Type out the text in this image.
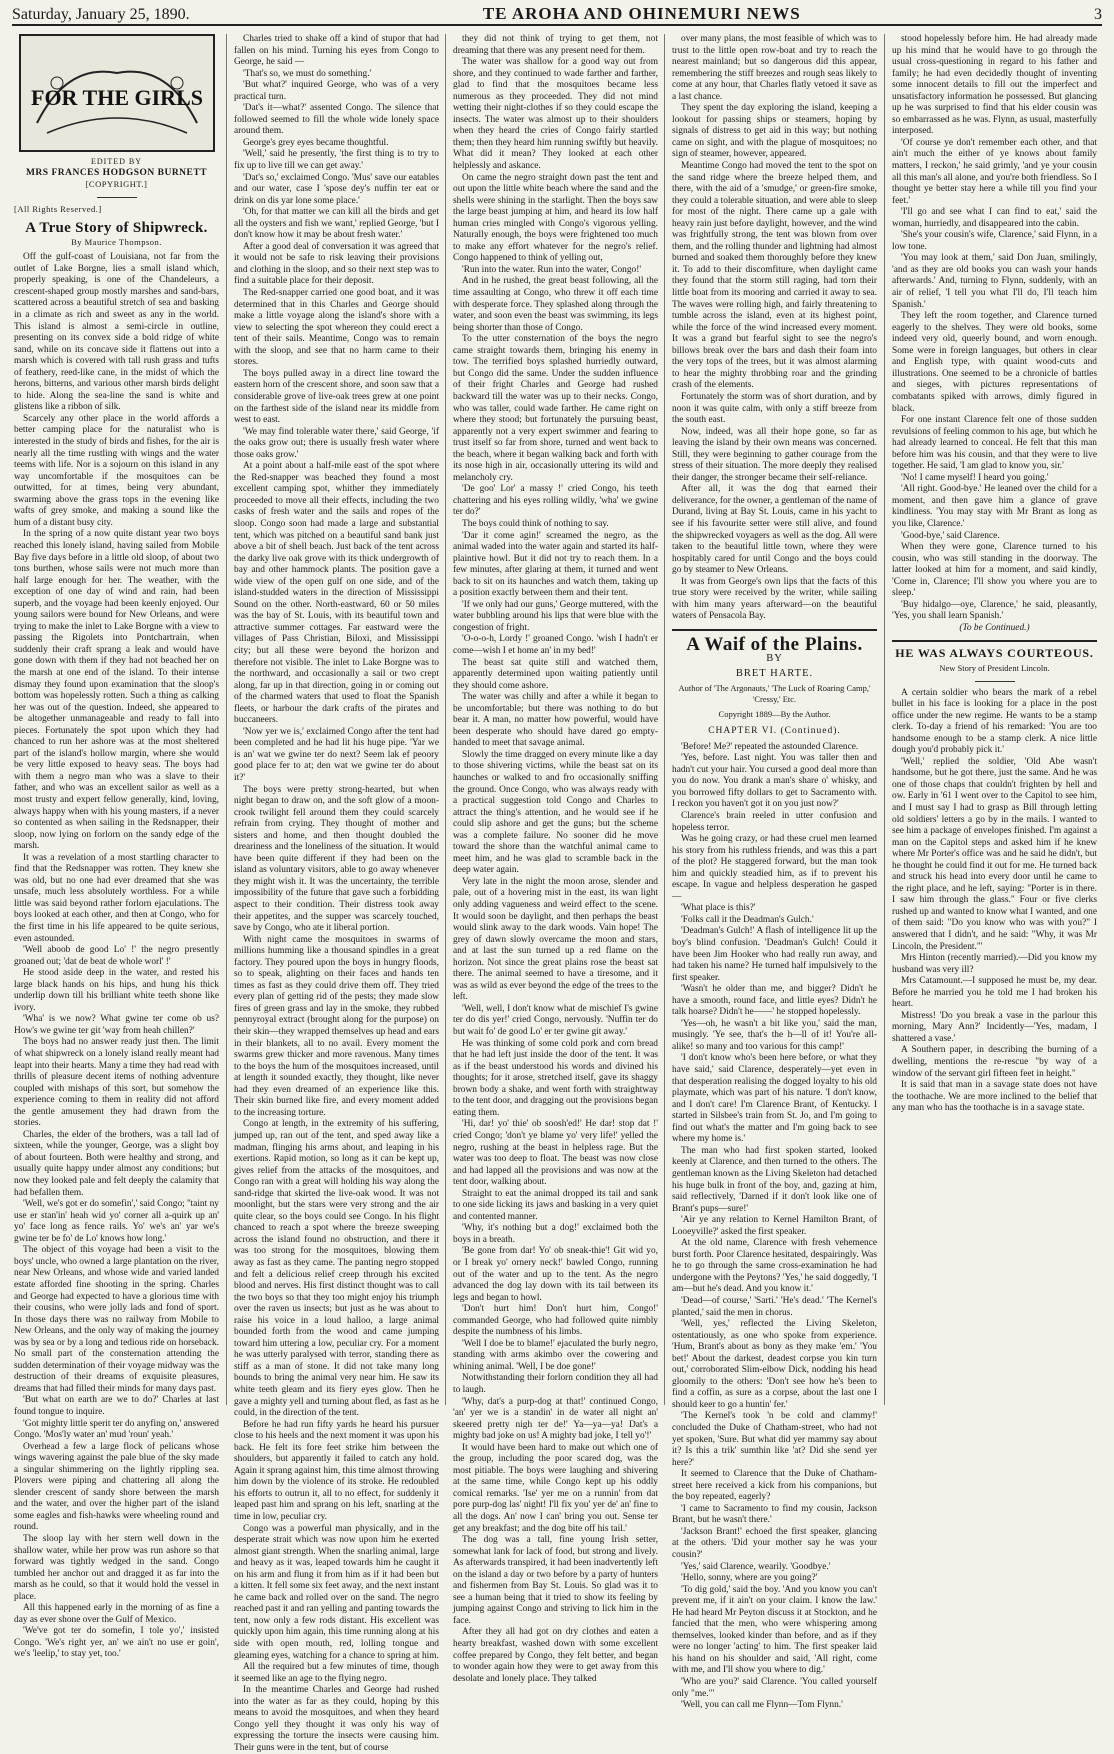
Saturday, January 25, 1890.	TE AROHA AND OHINEMURI NEWS	3
FOR THE GIRLS

EDITED BY

MRS FRANCES HODGSON BURNETT

[COPYRIGHT.]

[All Rights Reserved.]

A True Story of Shipwreck.
By Maurice Thompson.

Off the gulf-coast of Louisiana, not far from the outlet of Lake Borgne, lies a small island which, properly speaking, is one of the Chandeleurs, a crescent-shaped group mostly marshes and sand-bars, scattered across a beautiful stretch of sea and basking in a climate as rich and sweet as any in the world. This island is almost a semi-circle in outline, presenting on its convex side a bold ridge of white sand, while on its concave side it flattens out into a marsh which is covered with tall rush grass and tufts of feathery, reed-like cane, in the midst of which the herons, bitterns, and various other marsh birds delight to hide. Along the sea-line the sand is white and glistens like a ribbon of silk.

Scarcely any other place in the world affords a better camping place for the naturalist who is interested in the study of birds and fishes, for the air is nearly all the time rustling with wings and the water teems with life. Nor is a sojourn on this island in any way uncomfortable if the mosquitoes can be outwitted, for at times, being very abundant, swarming above the grass tops in the evening like wafts of grey smoke, and making a sound like the hum of a distant busy city.

In the spring of a now quite distant year two boys reached this lonely island, having sailed from Mobile Bay five days before in a little old sloop, of about two tons burthen, whose sails were not much more than half large enough for her. The weather, with the exception of one day of wind and rain, had been superb, and the voyage had been keenly enjoyed. Our young sailors were bound for New Orleans, and were trying to make the inlet to Lake Borgne with a view to passing the Rigolets into Pontchartrain, when suddenly their craft sprang a leak and would have gone down with them if they had not beached her on the marsh at one end of the island. To their intense dismay they found upon examination that the sloop's bottom was hopelessly rotten. Such a thing as calking her was out of the question. Indeed, she appeared to be altogether unmanageable and ready to fall into pieces. Fortunately the spot upon which they had chanced to run her ashore was at the most sheltered part of the island's hollow margin, where she would be very little exposed to heavy seas. The boys had with them a negro man who was a slave to their father, and who was an excellent sailor as well as a most trusty and expert fellow generally, kind, loving, always happy when with his young masters, if a never so contented as when sailing in the Redsnapper, their sloop, now lying on forlorn on the sandy edge of the marsh.

It was a revelation of a most startling character to find that the Redsnapper was rotten. They knew she was old, but no one had ever dreamed that she was unsafe, much less absolutely worthless. For a while little was said beyond rather forlorn ejaculations. The boys looked at each other, and then at Congo, who for the first time in his life appeared to be quite serious, even astounded.

'Well aboob de good Lo' !' the negro presently groaned out; 'dat de beat de whole worl' !'

He stood aside deep in the water, and rested his large black hands on his hips, and hung his thick underlip down till his brilliant white teeth shone like ivory.

'Wha' is we now? What gwine ter come ob us? How's we gwine ter git 'way from heah chillen?'

The boys had no answer ready just then. The limit of what shipwreck on a lonely island really meant had leapt into their hearts. Many a time they had read with thrills of pleasure decent items of nothing adventure coupled with mishaps of this sort, but somehow the experience coming to them in reality did not afford the gentle amusement they had drawn from the stories.

Charles, the elder of the brothers, was a tall lad of sixteen, while the younger, George, was a slight boy of about fourteen. Both were healthy and strong, and usually quite happy under almost any conditions; but now they looked pale and felt deeply the calamity that had befallen them.

'Well, we's got er do somefin',' said Congo; ''taint ny use er stan'in' heah wid yo' corner all a-quirk up an' yo' face long as fence rails. Yo' we's an' yar we's gwine ter be fo' de Lo' knows how long.'

The object of this voyage had been a visit to the boys' uncle, who owned a large plantation on the river, near New Orleans, and whose wide and varied landed estate afforded fine shooting in the spring. Charles and George had expected to have a glorious time with their cousins, who were jolly lads and fond of sport. In those days there was no railway from Mobile to New Orleans, and the only way of making the journey was by sea or by a long and tedious ride on horseback. No small part of the consternation attending the sudden determination of their voyage midway was the destruction of their dreams of exquisite pleasures, dreams that had filled their minds for many days past.

'But what on earth are we to do?' Charles at last found tongue to inquire.

'Got mighty little sperit ter do anyfing on,' answered Congo. 'Mos'ly water an' mud 'roun' yeah.'

Overhead a few a large flock of pelicans whose wings wavering against the pale blue of the sky made a singular shimmering on the lightly rippling sea. Plovers were piping and chattering all along the slender crescent of sandy shore between the marsh and the water, and over the higher part of the island some eagles and fish-hawks were wheeling round and round.

The sloop lay with her stern well down in the shallow water, while her prow was run ashore so that forward was tightly wedged in the sand. Congo tumbled her anchor out and dragged it as far into the marsh as he could, so that it would hold the vessel in place.

All this happened early in the morning of as fine a day as ever shone over the Gulf of Mexico.

'We've got ter do somefin, I tole yo',' insisted Congo. 'We's right yer, an' we ain't no use er goin', we's 'leelip,' to stay yet, too.'

Charles tried to shake off a kind of stupor that had fallen on his mind. Turning his eyes from Congo to George, he said —

'That's so, we must do something.'

'But what?' inquired George, who was of a very practical turn.

'Dat's it—what?' assented Congo. The silence that followed seemed to fill the whole wide lonely space around them.

George's grey eyes became thoughtful.

'Well,' said he presently, 'the first thing is to try to fix up to live till we can get away.'

'Dat's so,' exclaimed Congo. 'Mus' save our eatables and our water, case I 'spose dey's nuffin ter eat or drink on dis yar lone some place.'

'Oh, for that matter we can kill all the birds and get all the oysters and fish we want,' replied George, 'but I don't know how it may be about fresh water.'

After a good deal of conversation it was agreed that it would not be safe to risk leaving their provisions and clothing in the sloop, and so their next step was to find a suitable place for their deposit.

The Red-snapper carried one good boat, and it was determined that in this Charles and George should make a little voyage along the island's shore with a view to selecting the spot whereon they could erect a tent of their sails. Meantime, Congo was to remain with the sloop, and see that no harm came to their stores.

The boys pulled away in a direct line toward the eastern horn of the crescent shore, and soon saw that a considerable grove of live-oak trees grew at one point on the farthest side of the island near its middle from west to east.

'We may find tolerable water there,' said George, 'if the oaks grow out; there is usually fresh water where those oaks grow.'

At a point about a half-mile east of the spot where the Red-snapper was beached they found a most excellent camping spot, whither they immediately proceeded to move all their effects, including the two casks of fresh water and the sails and ropes of the sloop. Congo soon had made a large and substantial tent, which was pitched on a beautiful sand bank just above a bit of shell beach. Just back of the tent across the darky live oak grove with its thick undergrowth of bay and other hammock plants. The position gave a wide view of the open gulf on one side, and of the island-studded waters in the direction of Mississippi Sound on the other. North-eastward, 60 or 50 miles was the bay of St. Louis, with its beautiful town and attractive summer cottages. Far eastward were the villages of Pass Christian, Biloxi, and Mississippi city; but all these were beyond the horizon and therefore not visible. The inlet to Lake Borgne was to the northward, and occasionally a sail or two crept along, far up in that direction, going in or coming out of the charmed waters that used to float the Spanish fleets, or harbour the dark crafts of the pirates and buccaneers.

'Now yer we is,' exclaimed Congo after the tent had been completed and he had lit his huge pipe. 'Yar we is an' wat we gwine ter do next? Seem lak ef peoory good place fer to at; den wat we gwine ter do about it?'

The boys were pretty strong-hearted, but when night began to draw on, and the soft glow of a moon-crook twilight fell around them they could scarcely refrain from crying. They thought of mother and sisters and home, and then thought doubled the dreariness and the loneliness of the situation. It would have been quite different if they had been on the island as voluntary visitors, able to go away whenever they might wish it. It was the uncertainty, the terrible impossibility of the future that gave such a forbidding aspect to their condition. Their distress took away their appetites, and the supper was scarcely touched, save by Congo, who ate it liberal portion.

With night came the mosquitoes in swarms of millions humming like a thousand spindles in a great factory. They poured upon the boys in hungry floods, so to speak, alighting on their faces and hands ten times as fast as they could drive them off. They tried every plan of getting rid of the pests; they made slow fires of green grass and lay in the smoke, they rubbed pennyroyal extract (brought along for the purpose) on their skin—they wrapped themselves up head and ears in their blankets, all to no avail. Every moment the swarms grew thicker and more ravenous. Many times to the boys the hum of the mosquitoes increased, until at length it sounded exactly, they thought, like never had they even dreamed of an experience like this. Their skin burned like fire, and every moment added to the increasing torture.

Congo at length, in the extremity of his suffering, jumped up, ran out of the tent, and sped away like a madman, flinging his arms about, and leaping in his exertions. Rapid motion, so long as it can be kept up, gives relief from the attacks of the mosquitoes, and Congo ran with a great will holding his way along the sand-ridge that skirted the live-oak wood. It was not moonlight, but the stars were very strong and the air quite clear, so the boys could see Congo. In his flight chanced to reach a spot where the breeze sweeping across the island found no obstruction, and there it was too strong for the mosquitoes, blowing them away as fast as they came. The panting negro stopped and felt a delicious relief creep through his excited blood and nerves. His first distinct thought was to call the two boys so that they too might enjoy his triumph over the raven us insects; but just as he was about to raise his voice in a loud halloo, a large animal bounded forth from the wood and came jumping toward him uttering a low, peculiar cry. For a moment he was utterly paralysed with terror, standing there as stiff as a man of stone. It did not take many long bounds to bring the animal very near him. He saw its white teeth gleam and its fiery eyes glow. Then he gave a mighty yell and turning about fled, as fast as he could, in the direction of the tent.

Before he had run fifty yards he heard his pursuer close to his heels and the next moment it was upon his back. He felt its fore feet strike him between the shoulders, but apparently it failed to catch any hold. Again it sprang against him, this time almost throwing him down by the violence of its stroke. He redoubled his efforts to outrun it, all to no effect, for suddenly it leaped past him and sprang on his left, snarling at the time in low, peculiar cry.

Congo was a powerful man physically, and in the desperate strait which was now upon him he exerted almost giant strength. When the snarling animal, large and heavy as it was, leaped towards him he caught it on his arm and flung it from him as if it had been but a kitten. It fell some six feet away, and the next instant he came back and rolled over on the sand. The negro reached past it and ran yelling and panting towards the tent, now only a few rods distant. His excellent was quickly upon him again, this time running along at his side with open mouth, red, lolling tongue and gleaming eyes, watching for a chance to spring at him.

All the required but a few minutes of time, though it seemed like an age to the flying negro.

In the meantime Charles and George had rushed into the water as far as they could, hoping by this means to avoid the mosquitoes, and when they heard Congo yell they thought it was only his way of expressing the torture the insects were causing him. Their guns were in the tent, but of course

they did not think of trying to get them, not dreaming that there was any present need for them.

The water was shallow for a good way out from shore, and they continued to wade farther and farther, glad to find that the mosquitoes became less numerous as they proceeded. They did not mind wetting their night-clothes if so they could escape the insects. The water was almost up to their shoulders when they heard the cries of Congo fairly startled them; then they heard him running swiftly but heavily. What did it mean? They looked at each other helplessly and askance.

On came the negro straight down past the tent and out upon the little white beach where the sand and the shells were shining in the starlight. Then the boys saw the large beast jumping at him, and heard its low half human cries mingled with Congo's vigorous yelling. Naturally enough, the boys were frightened too much to make any effort whatever for the negro's relief. Congo happened to think of yelling out,

'Run into the water. Run into the water, Congo!'

And in he rushed, the great beast following, all the time assaulting at Congo, who threw it off each time with desperate force. They splashed along through the water, and soon even the beast was swimming, its legs being shorter than those of Congo.

To the utter consternation of the boys the negro came straight towards them, bringing his enemy in tow. The terrified boys splashed hurriedly outward, but Congo did the same. Under the sudden influence of their fright Charles and George had rushed backward till the water was up to their necks. Congo, who was taller, could wade farther. He came right on where they stood; but fortunately the pursuing beast, apparently not a very expert swimmer and fearing to trust itself so far from shore, turned and went back to the beach, where it began walking back and forth with its nose high in air, occasionally uttering its wild and melancholy cry.

'De goo' Lor' a massy !' cried Congo, his teeth chattering and his eyes rolling wildly, 'wha' we gwine ter do?'

The boys could think of nothing to say.

'Dar it come agin!' screamed the negro, as the animal waded into the water again and started its half-plaintive howl. But it did not try to reach them. In a few minutes, after glaring at them, it turned and went back to sit on its haunches and watch them, taking up a position exactly between them and their tent.

'If we only had our guns,' George muttered, with the water bubbling around his lips that were blue with the congestion of fright.

'O-o-o-h, Lordy !' groaned Congo. 'wish I hadn't er come—wish I et home an' in my bed!'

The beast sat quite still and watched them, apparently determined upon waiting patiently until they should come ashore.

The water was chilly and after a while it began to be uncomfortable; but there was nothing to do but bear it. A man, no matter how powerful, would have been desperate who should have dared go empty-handed to meet that savage animal.

Slowly the time dragged on every minute like a day to those shivering victims, while the beast sat on its haunches or walked to and fro occasionally sniffing the ground. Once Congo, who was always ready with a practical suggestion told Congo and Charles to attract the thing's attention, and he would see if he could slip ashore and get the guns; but the scheme was a complete failure. No sooner did he move toward the shore than the watchful animal came to meet him, and he was glad to scramble back in the deep water again.

Very late in the night the moon arose, slender and pale, out of a hovering mist in the east, its wan light only adding vagueness and weird effect to the scene. It would soon be daylight, and then perhaps the beast would slink away to the dark woods. Vain hope! The grey of dawn slowly overcame the moon and stars, and at last the sun turned up a red flame on the horizon. Not since the great plains rose the beast sat there. The animal seemed to have a tiresome, and it was as wild as ever beyond the edge of the trees to the left.

'Well, well, I don't know what de mischief I's gwine ter do dis yer!' cried Congo, nervously. 'Nuffin ter do but wait fo' de good Lo' er ter gwine git away.'

He was thinking of some cold pork and corn bread that he had left just inside the door of the tent. It was as if the beast understood his words and divined his thoughts; for it arose, stretched itself, gave its shaggy brown body a shake, and went forth with straightway to the tent door, and dragging out the provisions began eating them.

'Hi, dar! yo' thie' ob soosh'ed!' He dar! stop dat !' cried Congo; 'don't ye blame yo' very life!' yelled the negro, rushing at the beast in helpless rage. But the water was too deep to float. The beast was now close and had lapped all the provisions and was now at the tent door, walking about.

Straight to eat the animal dropped its tail and sank to one side licking its jaws and basking in a very quiet and contented manner.

'Why, it's nothing but a dog!' exclaimed both the boys in a breath.

'Be gone from dar! Yo' ob sneak-thie'! Git wid yo, or I break yo' ornery neck!' bawled Congo, running out of the water and up to the tent. As the negro advanced the dog lay down with its tail between its legs and began to howl.

'Don't hurt him! Don't hurt him, Congo!' commanded George, who had followed quite nimbly despite the numbness of his limbs.

'Well I doe be to blame!' ejaculated the burly negro, standing with arms akimbo over the cowering and whining animal. 'Well, I be doe gone!'

Notwithstanding their forlorn condition they all had to laugh.

'Why, dat's a purp-dog at that!' continued Congo, 'an' yer we is a standin' in de water all night an' skeered pretty nigh ter de!' Ya—ya—ya! Dat's a mighty bad joke on us! A mighty bad joke, I tell yo'!'

It would have been hard to make out which one of the group, including the poor scared dog, was the most pitiable. The boys were laughing and shivering at the same time, while Congo kept up his oddly comical remarks. 'Ise' yer me on a runnin' from dat pore purp-dog las' night! I'll fix you' yer de' an' fine to all the dogs. An' now I can' bring you out. Sense ter get any breakfast; and the dog bite off his tail.'

The dog was a tall, fine young Irish setter, somewhat lank for lack of food, but strong and lively. As afterwards transpired, it had been inadvertently left on the island a day or two before by a party of hunters and fishermen from Bay St. Louis. So glad was it to see a human being that it tried to show its feeling by jumping against Congo and striving to lick him in the face.

After they all had got on dry clothes and eaten a hearty breakfast, washed down with some excellent coffee prepared by Congo, they felt better, and began to wonder again how they were to get away from this desolate and lonely place. They talked

over many plans, the most feasible of which was to trust to the little open row-boat and try to reach the nearest mainland; but so dangerous did this appear, remembering the stiff breezes and rough seas likely to come at any hour, that Charles flatly vetoed it save as a last chance.

They spent the day exploring the island, keeping a lookout for passing ships or steamers, hoping by signals of distress to get aid in this way; but nothing came on sight, and with the plague of mosquitoes; no sign of steamer, however, appeared.

Meantime Congo had moved the tent to the spot on the sand ridge where the breeze helped them, and there, with the aid of a 'smudge,' or green-fire smoke, they could a tolerable situation, and were able to sleep for most of the night. There came up a gale with heavy rain just before daylight, however, and the wind was frightfully strong, the tent was blown from over them, and the rolling thunder and lightning had almost burned and soaked them thoroughly before they knew it. To add to their discomfiture, when daylight came they found that the storm still raging, had torn their little boat from its mooring and carried it away to sea. The waves were rolling high, and fairly threatening to tumble across the island, even at its highest point, while the force of the wind increased every moment. It was a grand but fearful sight to see the negro's billows break over the bars and dash their foam into the very tops of the trees, but it was almost alarming to hear the mighty throbbing roar and the grinding crash of the elements.

Fortunately the storm was of short duration, and by noon it was quite calm, with only a stiff breeze from the south east.

Now, indeed, was all their hope gone, so far as leaving the island by their own means was concerned. Still, they were beginning to gather courage from the stress of their situation. The more deeply they realised their danger, the stronger became their self-reliance.

After all, it was the dog that earned their deliverance, for the owner, a gentleman of the name of Durand, living at Bay St. Louis, came in his yacht to see if his favourite setter were still alive, and found the shipwrecked voyagers as well as the dog. All were taken to the beautiful little town, where they were hospitably cared for until Congo and the boys could go by steamer to New Orleans.

It was from George's own lips that the facts of this true story were received by the writer, while sailing with him many years afterward—on the beautiful waters of Pensacola Bay.

A Waif of the Plains.
BY
BRET HARTE.
Author of 'The Argonauts,' 'The Luck of Roaring Camp,' 'Cressy,' Etc.
Copyright 1889—By the Author.
CHAPTER VI. (Continued).

'Before! Me?' repeated the astounded Clarence.

'Yes, before. Last night. You was taller then and hadn't cut your hair. You cursed a good deal more than you do now. You drank a man's share o' whisky, and you borrowed fifty dollars to get to Sacramento with. I reckon you haven't got it on you just now?'

Clarence's brain reeled in utter confusion and hopeless terror.

Was he going crazy, or had these cruel men learned his story from his ruthless friends, and was this a part of the plot? He staggered forward, but the man took him and quickly steadied him, as if to prevent his escape. In vague and helpless desperation he gasped—

'What place is this?'

'Folks call it the Deadman's Gulch.'

'Deadman's Gulch!' A flash of intelligence lit up the boy's blind confusion. 'Deadman's Gulch! Could it have been Jim Hooker who had really run away, and had taken his name? He turned half impulsively to the first speaker.

'Wasn't he older than me, and bigger? Didn't he have a smooth, round face, and little eyes? Didn't he talk hoarse? Didn't he——' he stopped hopelessly.

'Yes—oh, he wasn't a bit like you,' said the man, musingly. 'Ye see, that's the h—ll of it! You're all-alike! so many and too various for this camp!'

'I don't know who's been here before, or what they have said,' said Clarence, desperately—yet even in that desperation realising the dogged loyalty to his old playmate, which was part of his nature. 'I don't know, and I don't care! I'm Clarence Brant, of Kentucky. I started in Silsbee's train from St. Jo, and I'm going to find out what's the matter and I'm going back to see where my home is.'

The man who had first spoken started, looked keenly at Clarence, and then turned to the others. The gentleman known as the Living Skeleton had detached his huge bulk in front of the boy, and, gazing at him, said reflectively, 'Darned if it don't look like one of Brant's pups—sure!'

'Air ye any relation to Kernel Hamilton Brant, of Looeyville?' asked the first speaker.

At the old name, Clarence with fresh vehemence burst forth. Poor Clarence hesitated, despairingly. Was he to go through the same cross-examination he had undergone with the Peytons? 'Yes,' he said doggedly, 'I am—but he's dead. And you know it.'

'Dead—of course,' 'Sarti.' 'He's dead.' 'The Kernel's planted,' said the men in chorus.

'Well, yes,' reflected the Living Skeleton, ostentatiously, as one who spoke from experience. 'Hum, Brant's about as bony as they make 'em.' 'You bet!' About the darkest, deadest corpse you kin turn out,' corroborated Slim-elbow Dick, nodding his head gloomily to the others: 'Don't see how he's been to find a coffin, as sure as a corpse, about the last one I should keer to go a huntin' fer.'

'The Kernel's took 'n be cold and clammy!' concluded the Duke of Chatham-street, who had not yet spoken, 'Sure. But what did yer mammy say about it? Is this a trik' sumthin like 'at? Did she send yer here?'

It seemed to Clarence that the Duke of Chatham-street here received a kick from his companions, but the boy repeated, eagerly?

'I came to Sacramento to find my cousin, Jackson Brant, but he wasn't there.'

'Jackson Brant!' echoed the first speaker, glancing at the others. 'Did your mother say he was your cousin?'

'Yes,' said Clarence, wearily. 'Goodbye.'

'Hello, sonny, where are you going?'

'To dig gold,' said the boy. 'And you know you can't prevent me, if it ain't on your claim. I know the law.' He had heard Mr Peyton discuss it at Stockton, and he fancied that the men, who were whispering among themselves, looked kinder than before, and as if they were no longer 'acting' to him. The first speaker laid his hand on his shoulder and said, 'All right, come with me, and I'll show you where to dig.'

'Who are you?' said Clarence. 'You called yourself only "me."'

'Well, you can call me Flynn—Tom Flynn.'

stood hopelessly before him. He had already made up his mind that he would have to go through the usual cross-questioning in regard to his father and family; he had even decidedly thought of inventing some innocent details to fill out the imperfect and unsatisfactory information he possessed. But glancing up he was surprised to find that his elder cousin was so embarrassed as he was. Flynn, as usual, masterfully interposed.

'Of course ye don't remember each other, and that ain't much the either of ye knows about family matters, I reckon,' he said grimly, 'and ye your cousin all this man's all alone, and you're both friendless. So I thought ye better stay here a while till you find your feet.'

'I'll go and see what I can find to eat,' said the woman, hurriedly, and disappeared into the cabin.

'She's your cousin's wife, Clarence,' said Flynn, in a low tone.

'You may look at them,' said Don Juan, smilingly, 'and as they are old books you can wash your hands afterwards.' And, turning to Flynn, suddenly, with an air of relief, 'I tell you what I'll do, I'll teach him Spanish.'

They left the room together, and Clarence turned eagerly to the shelves. They were old books, some indeed very old, queerly bound, and worn enough. Some were in foreign languages, but others in clear and English type, with quaint wood-cuts and illustrations. One seemed to be a chronicle of battles and sieges, with pictures representations of combatants spiked with arrows, dimly figured in black.

For one instant Clarence felt one of those sudden revulsions of feeling common to his age, but which he had already learned to conceal. He felt that this man before him was his cousin, and that they were to live together. He said, 'I am glad to know you, sir.'

'No! I came myself! I heard you going.'

'All right. Good-bye.' He leaned over the child for a moment, and then gave him a glance of grave kindliness. 'You may stay with Mr Brant as long as you like, Clarence.'

'Good-bye,' said Clarence.

When they were gone, Clarence turned to his cousin, who was still standing in the doorway. The latter looked at him for a moment, and said kindly, 'Come in, Clarence; I'll show you where you are to sleep.'

'Buy hidalgo—oye, Clarence,' he said, pleasantly, 'Yes, you shall learn Spanish.'

(To be Continued.)

HE WAS ALWAYS COURTEOUS.
New Story of President Lincoln.

A certain soldier who bears the mark of a rebel bullet in his face is looking for a place in the post office under the new regime. He wants to be a stamp clerk. To-day a friend of his remarked: 'You are too handsome enough to be a stamp clerk. A nice little dough you'd probably pick it.'

'Well,' replied the soldier, 'Old Abe wasn't handsome, but he got there, just the same. And he was one of those chaps that couldn't frighten by hell and ow. Early in '61 I went over to the Capitol to see him, and I must say I had to grasp as Bill through letting old soldiers' letters a go by in the mails. I wanted to see him a package of envelopes finished. I'm against a man on the Capitol steps and asked him if he knew where Mr Porter's office was and he said he didn't, but he thought he could find it out for me. He turned back and struck his head into every door until he came to the right place, and he left, saying: "Porter is in there. I saw him through the glass." Four or five clerks rushed up and wanted to know what I wanted, and one of them said: "Do you know who was with you?" I answered that I didn't, and he said: "Why, it was Mr Lincoln, the President."'

Mrs Hinton (recently married).—Did you know my husband was very ill?

Mrs Catamount.—I supposed he must be, my dear. Before he married you he told me I had broken his heart.

Mistress! 'Do you break a vase in the parlour this morning, Mary Ann?' Incidently—'Yes, madam, I shattered a vase.'

A Southern paper, in describing the burning of a dwelling, mentions the re-rescue "by way of a window of the servant girl fifteen feet in height."

It is said that man in a savage state does not have the toothache. We are more inclined to the belief that any man who has the toothache is in a savage state.
